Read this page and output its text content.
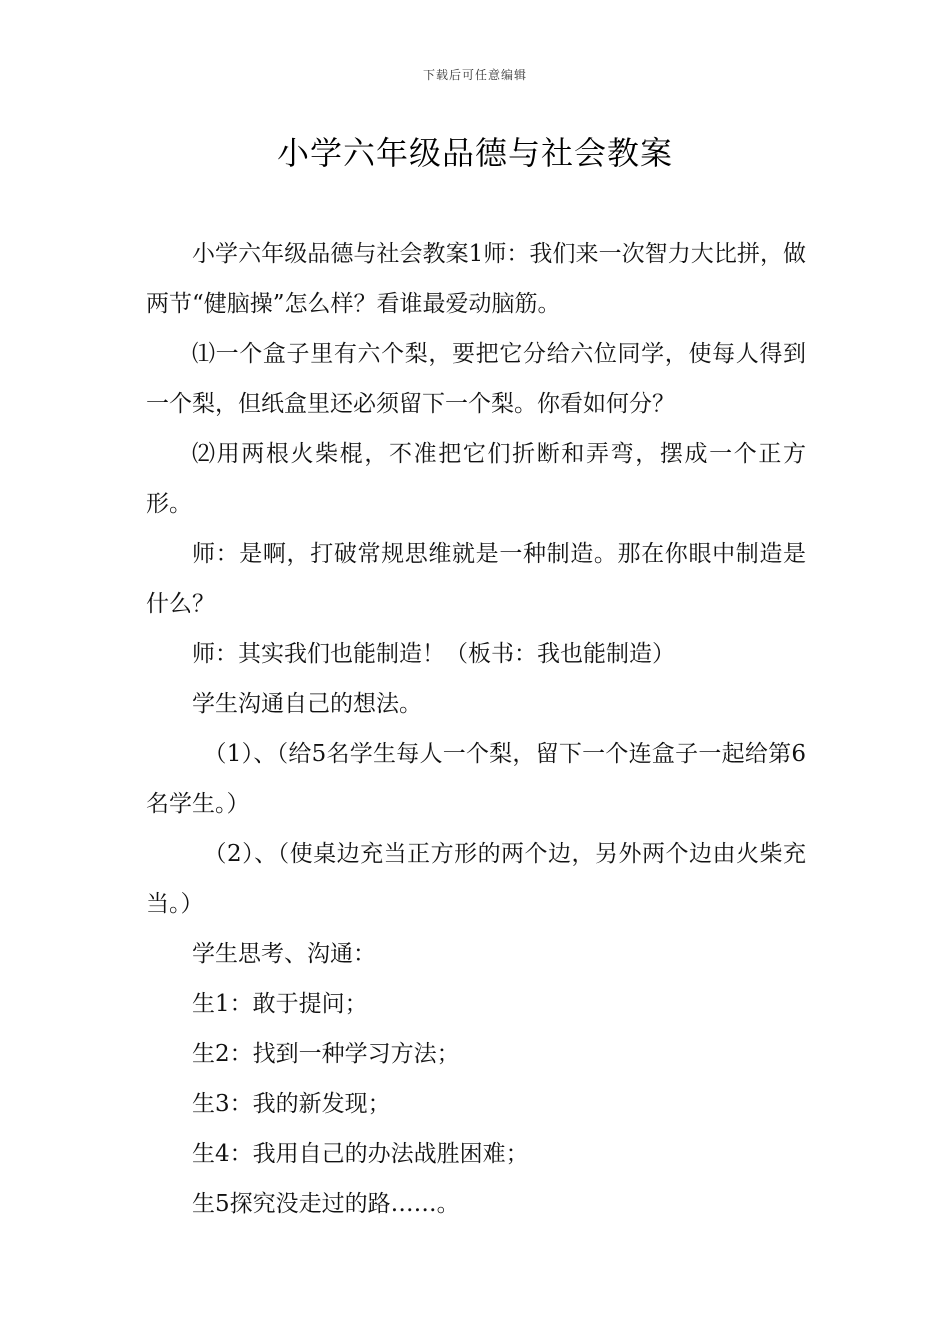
下载后可任意编辑
小学六年级品德与社会教案

小学六年级品德与社会教案1师：我们来一次智力大比拼，做两节“健脑操”怎么样？看谁最爱动脑筋。

⑴一个盒子里有六个梨，要把它分给六位同学，使每人得到一个梨，但纸盒里还必须留下一个梨。你看如何分？

⑵用两根火柴棍，不准把它们折断和弄弯，摆成一个正方形。

师：是啊，打破常规思维就是一种制造。那在你眼中制造是什么？

师：其实我们也能制造！（板书：我也能制造）

学生沟通自己的想法。

（1）、（给5名学生每人一个梨，留下一个连盒子一起给第6名学生。）

（2）、（使桌边充当正方形的两个边，另外两个边由火柴充当。）

学生思考、沟通：

生1：敢于提问；

生2：找到一种学习方法；

生3：我的新发现；

生4：我用自己的办法战胜困难；

生5探究没走过的路……。
